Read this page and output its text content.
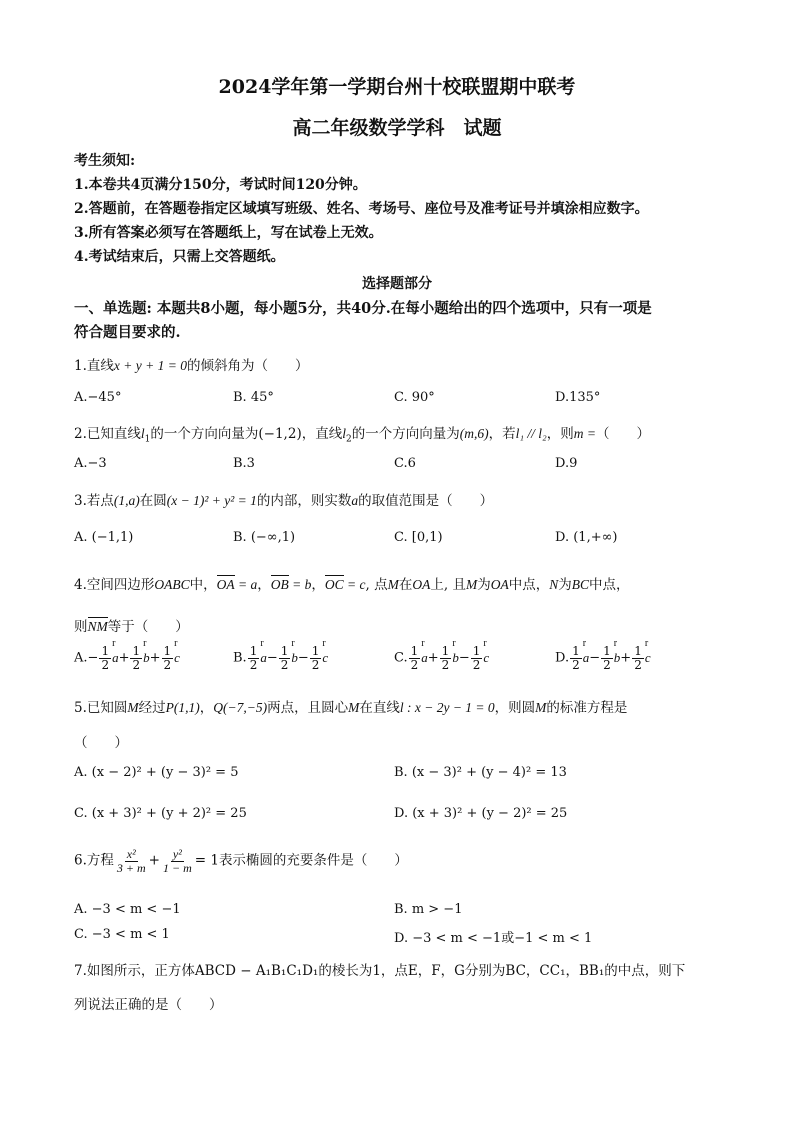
2024学年第一学期台州十校联盟期中联考
高二年级数学学科　试题
考生须知:
1.本卷共4页满分150分，考试时间120分钟。
2.答题前，在答题卷指定区域填写班级、姓名、考场号、座位号及准考证号并填涂相应数字。
3.所有答案必须写在答题纸上，写在试卷上无效。
4.考试结束后，只需上交答题纸。
选择题部分
一、单选题: 本题共8小题，每小题5分，共40分.在每小题给出的四个选项中，只有一项是
符合题目要求的.
1.直线x + y + 1 = 0的倾斜角为（　　）
A.−45°	B. 45°	C. 90°	D.135°
2.已知直线$l_1$的一个方向向量为(−1,2)，直线$l_2$的一个方向向量为(m,6)，若l₁ // l₂，则m =（　　）
A.−3	B.3	C.6	D.9
3.若点(1,a)在圆(x − 1)² + y² = 1的内部，则实数a的取值范围是（　　）
A. (−1,1)	B. (−∞,1)	C. [0,1)	D. (1,+∞)
4.空间四边形OABC中，OA = a，OB = b，OC = c, 点M在OA上, 且M为OA中点，N为BC中点，
则NM等于（　　）
$A.- \frac{1}{2}$ r $a+ \frac{1}{2}$ r $b+ \frac{1}{2}$ r c	B. $\frac{1}{2}$ r $a- \frac{1}{2}$ r $b- \frac{1}{2}$ r c	C. $\frac{1}{2}$ r $a+ \frac{1}{2}$ r $b- \frac{1}{2}$ r c	D. $\frac{1}{2}$ r $a- \frac{1}{2}$ r $b+ \frac{1}{2}$ r c
5.已知圆M经过P(1,1)，Q(−7,−5)两点，且圆心M在直线l : x − 2y − 1 = 0，则圆M的标准方程是
（　　）
A. (x − 2)² + (y − 3)² = 5	B. (x − 3)² + (y − 4)² = 13
C. (x + 3)² + (y + 2)² = 25	D. (x + 3)² + (y − 2)² = 25
6.方程 $\frac{\text{x²}}{3 + m} + \frac{\text{y²}}{1 - m} = 1$表示椭圆的充要条件是（　　）
A. −3 < m < −1	B. m > −1
C. −3 < m < 1	D. −3 < m < −1或−1 < m < 1
7.如图所示，正方体ABCD − A₁B₁C₁D₁的棱长为1，点E，F，G分别为BC，CC₁，BB₁的中点，则下
列说法正确的是（　　）
